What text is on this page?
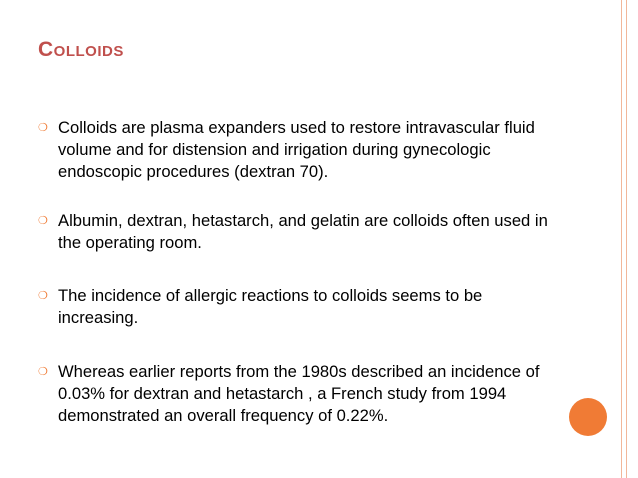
COLLOIDS
❍ Colloids are plasma expanders used to restore intravascular fluid volume and for distension and irrigation during gynecologic endoscopic procedures (dextran 70).
❍ Albumin, dextran, hetastarch, and gelatin are colloids often used in the operating room.
❍ The incidence of allergic reactions to colloids seems to be increasing.
❍ Whereas earlier reports from the 1980s described an incidence of 0.03% for dextran and hetastarch , a French study from 1994 demonstrated an overall frequency of 0.22%.
